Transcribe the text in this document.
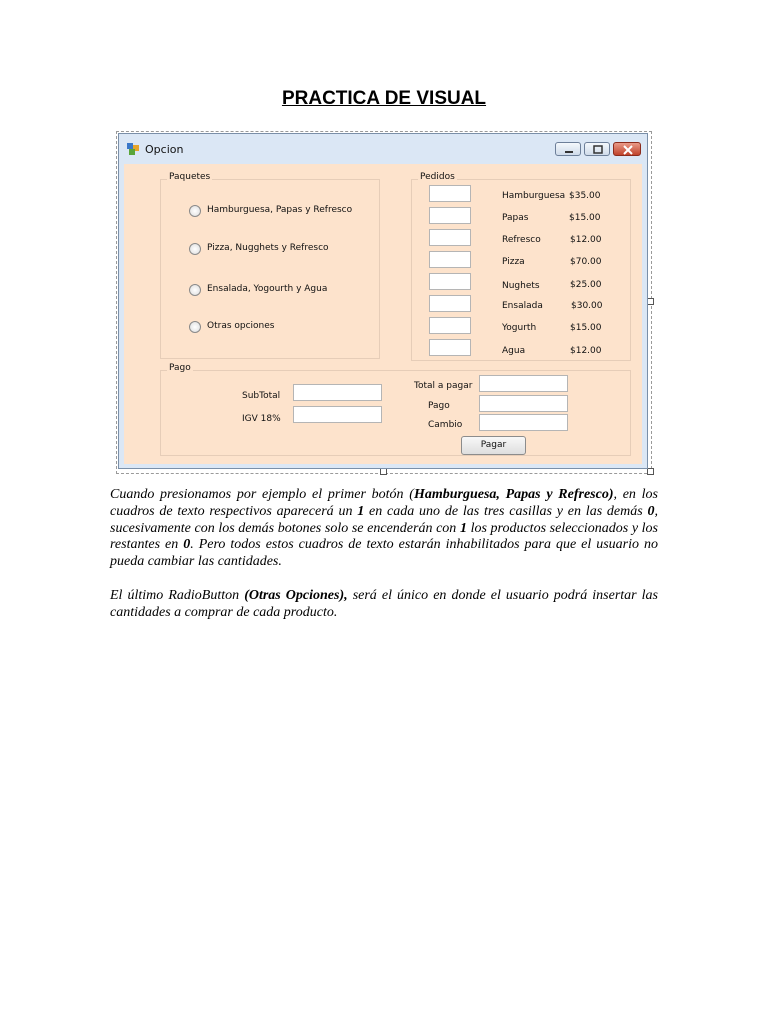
PRACTICA DE VISUAL
Opcion
Paquetes
Hamburguesa, Papas y Refresco
Pizza, Nugghets y Refresco
Ensalada, Yogourth y Agua
Otras opciones
Pedidos
Hamburguesa $35.00
Papas	$15.00
Refresco	$12.00
Pizza	$70.00
Nughets	$25.00
Ensalada	$30.00
Yogurth	$15.00
Agua	$12.00
Pago
SubTotal
IGV 18%
Total a pagar
Pago
Cambio
Pagar

Cuando presionamos por ejemplo el primer botón (Hamburguesa, Papas y Refresco), en los cuadros de texto respectivos aparecerá un 1 en cada uno de las tres casillas y en las demás 0, sucesivamente con los demás botones solo se encenderán con 1 los productos seleccionados y los restantes en 0. Pero todos estos cuadros de texto estarán inhabilitados para que el usuario no pueda cambiar las cantidades.

El último RadioButton (Otras Opciones), será el único en donde el usuario podrá insertar las cantidades a comprar de cada producto.
